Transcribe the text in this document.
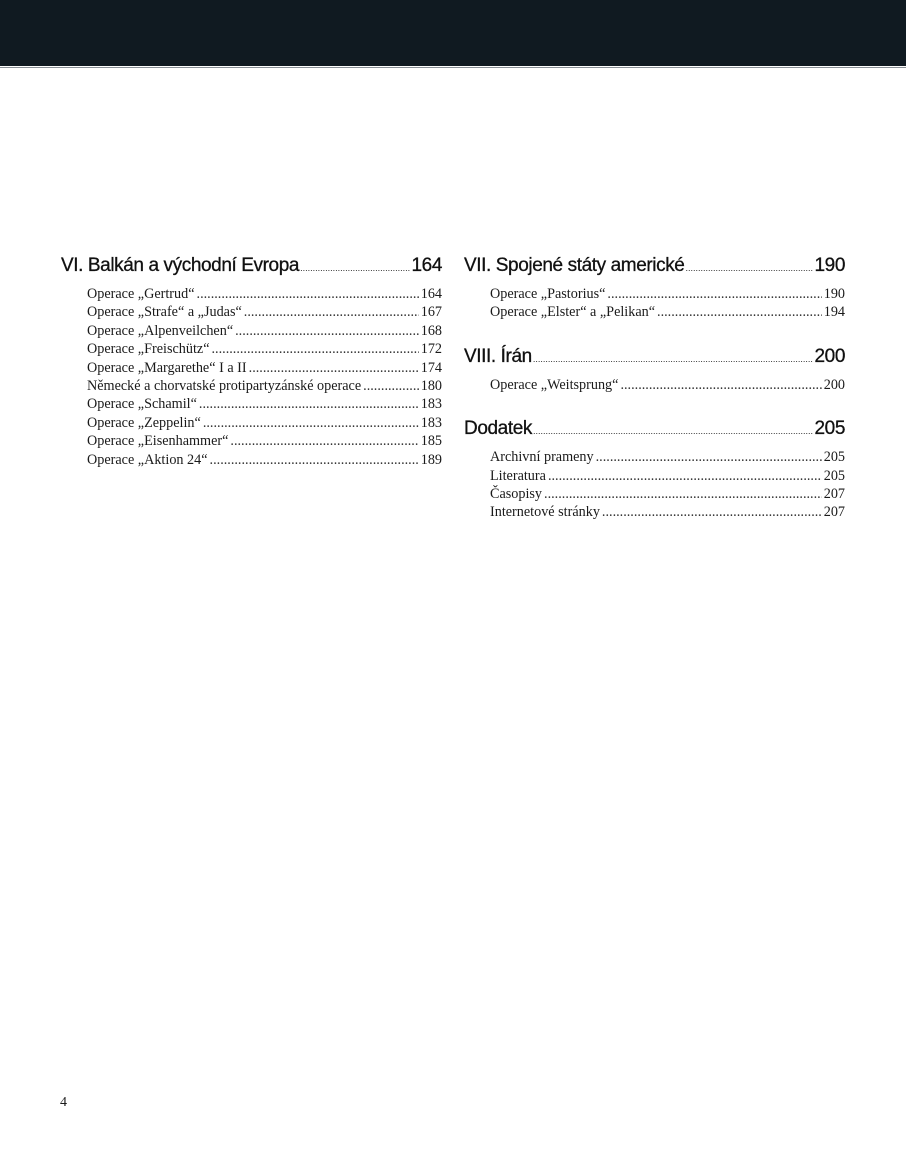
VI. Balkán a východní Evropa .....	164
Operace „Gertrud“ .....	164
Operace „Strafe“ a „Judas“ .....	167
Operace „Alpenveilchen“ .....	168
Operace „Freischütz“ .....	172
Operace „Margarethe“ I a II .....	174
Německé a chorvatské protipartyzánské operace .....	180
Operace „Schamil“ .....	183
Operace „Zeppelin“ .....	183
Operace „Eisenhammer“ .....	185
Operace „Aktion 24“ .....	189
VII. Spojené státy americké .....	190
Operace „Pastorius“ .....	190
Operace „Elster“ a „Pelikan“ .....	194
VIII. Írán .....	200
Operace „Weitsprung“ .....	200
Dodatek .....	205
Archivní prameny .....	205
Literatura .....	205
Časopisy .....	207
Internetové stránky .....	207
4
